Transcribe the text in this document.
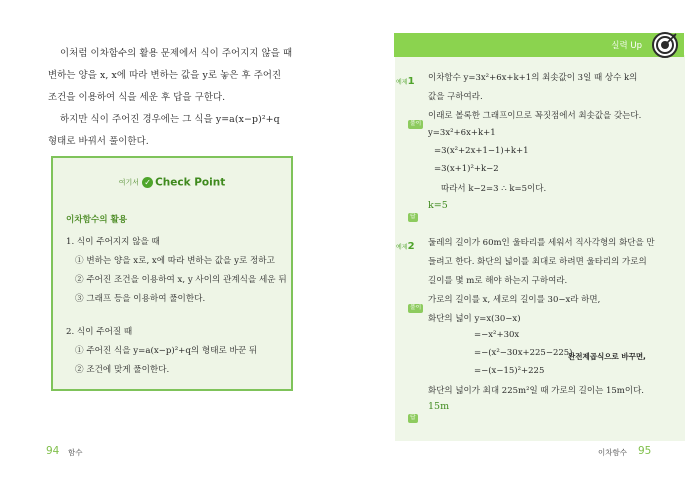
이처럼 이차함수의 활용 문제에서 식이 주어지지 않을 때
변하는 양을 x, x에 따라 변하는 값을 y로 놓은 후 주어진
조건을 이용하여 식을 세운 후 답을 구한다.
하지만 식이 주어진 경우에는 그 식을 y=a(x−p)²+q
형태로 바꿔서 풀이한다.
여기서 ✓ Check Point
이차함수의 활용
1. 식이 주어지지 않을 때
① 변하는 양을 x로, x에 따라 변하는 값을 y로 정하고
② 주어진 조건을 이용하여 x, y 사이의 관계식을 세운 뒤
③ 그래프 등을 이용하여 풀이한다.
2. 식이 주어질 때
① 주어진 식을 y=a(x−p)²+q의 형태로 바꾼 뒤
② 조건에 맞게 풀이한다.
94 함수
실력 Up
예제1 이차함수 y=3x²+6x+k+1의 최솟값이 3일 때 상수 k의
값을 구하여라.
풀이
이래로 볼록한 그래프이므로 꼭짓점에서 최솟값을 갖는다.
y=3x²+6x+k+1
=3(x²+2x+1−1)+k+1
=3(x+1)²+k−2
따라서 k−2=3 ∴ k=5이다.
답
k=5
예제2 둘레의 길이가 60m인 울타리를 세워서 직사각형의 화단을 만
들려고 한다. 화단의 넓이를 최대로 하려면 울타리의 가로의
길이를 몇 m로 해야 하는지 구하여라.
풀이
가로의 길이를 x, 세로의 길이를 30−x라 하면,
화단의 넓이 y=x(30−x)
=−x²+30x
=−(x²−30x+225−225)
완전제곱식으로 바꾸면,
=−(x−15)²+225
화단의 넓이가 최대 225m²일 때 가로의 길이는 15m이다.
답
15m
이차함수 95
